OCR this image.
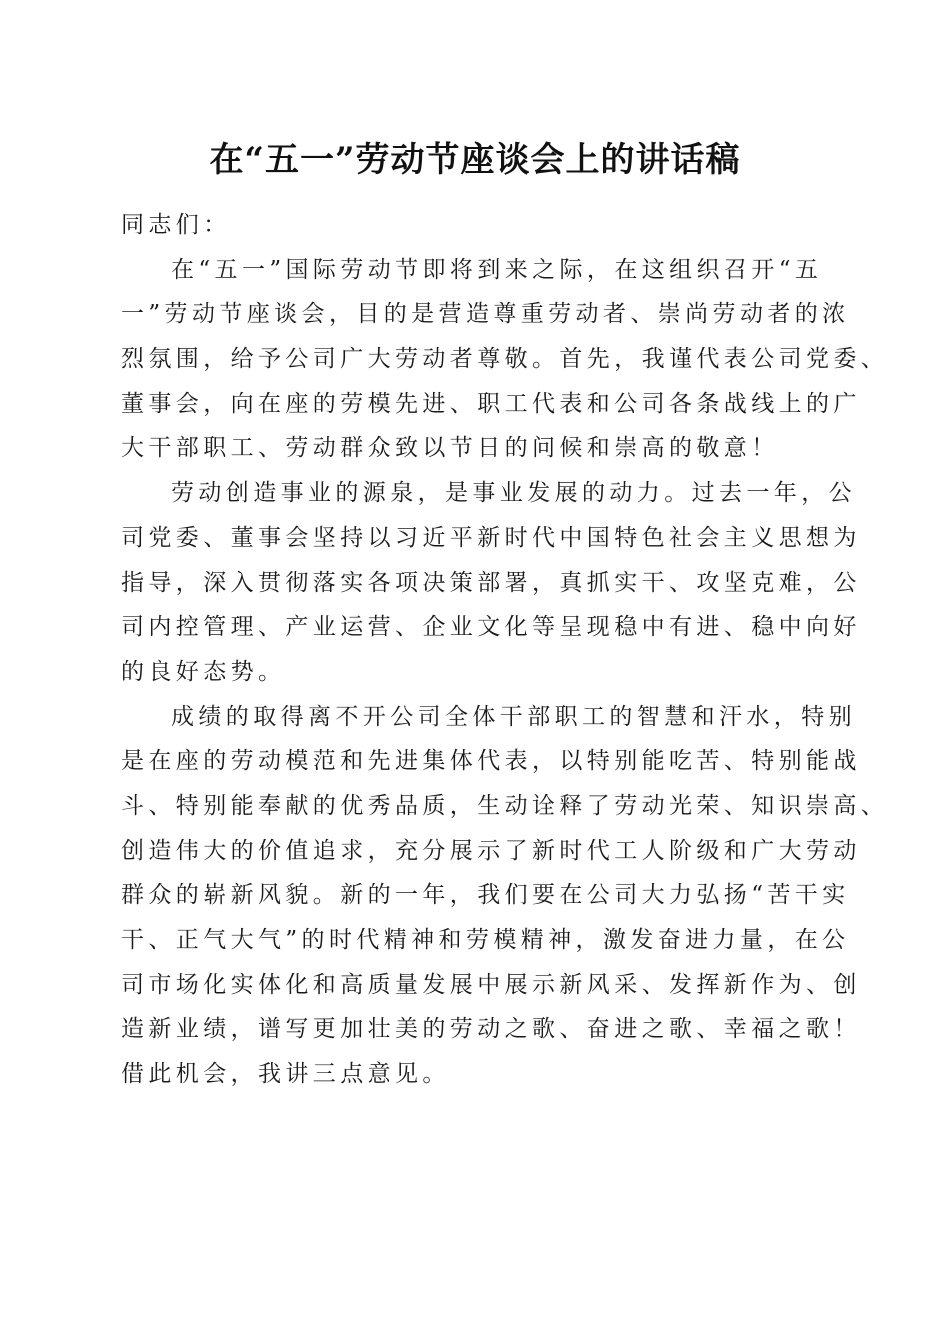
在“五一”劳动节座谈会上的讲话稿
同志们：
在“五一”国际劳动节即将到来之际，在这组织召开“五
一”劳动节座谈会，目的是营造尊重劳动者、崇尚劳动者的浓
烈氛围，给予公司广大劳动者尊敬。首先，我谨代表公司党委、
董事会，向在座的劳模先进、职工代表和公司各条战线上的广
大干部职工、劳动群众致以节日的问候和崇高的敬意！
劳动创造事业的源泉，是事业发展的动力。过去一年，公
司党委、董事会坚持以习近平新时代中国特色社会主义思想为
指导，深入贯彻落实各项决策部署，真抓实干、攻坚克难，公
司内控管理、产业运营、企业文化等呈现稳中有进、稳中向好
的良好态势。
成绩的取得离不开公司全体干部职工的智慧和汗水，特别
是在座的劳动模范和先进集体代表，以特别能吃苦、特别能战
斗、特别能奉献的优秀品质，生动诠释了劳动光荣、知识崇高、
创造伟大的价值追求，充分展示了新时代工人阶级和广大劳动
群众的崭新风貌。新的一年，我们要在公司大力弘扬“苦干实
干、正气大气”的时代精神和劳模精神，激发奋进力量，在公
司市场化实体化和高质量发展中展示新风采、发挥新作为、创
造新业绩，谱写更加壮美的劳动之歌、奋进之歌、幸福之歌！
借此机会，我讲三点意见。
